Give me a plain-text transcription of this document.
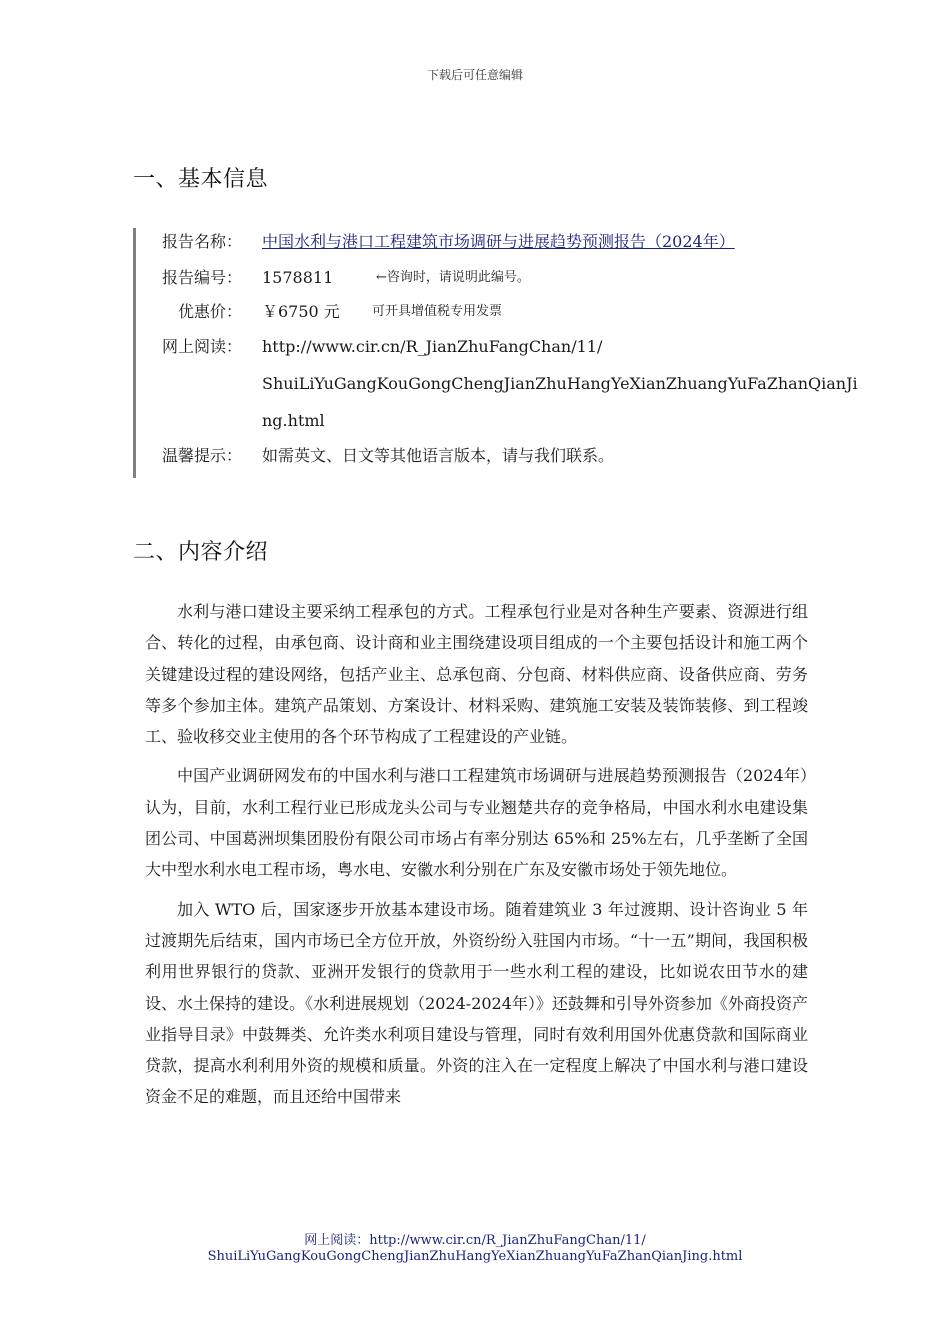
下载后可任意编辑
一、基本信息
报告名称： 中国水利与港口工程建筑市场调研与进展趋势预测报告（2024年）
报告编号： 1578811	←咨询时，请说明此编号。
优惠价： ￥6750 元 可开具增值税专用发票
网上阅读： http://www.cir.cn/R_JianZhuFangChan/11/
ShuiLiYuGangKouGongChengJianZhuHangYeXianZhuangYuFaZhanQianJi
ng.html
温馨提示： 如需英文、日文等其他语言版本，请与我们联系。
二、内容介绍

水利与港口建设主要采纳工程承包的方式。工程承包行业是对各种生产要素、资源进行组合、转化的过程，由承包商、设计商和业主围绕建设项目组成的一个主要包括设计和施工两个关键建设过程的建设网络，包括产业主、总承包商、分包商、材料供应商、设备供应商、劳务等多个参加主体。建筑产品策划、方案设计、材料采购、建筑施工安装及装饰装修、到工程竣工、验收移交业主使用的各个环节构成了工程建设的产业链。

中国产业调研网发布的中国水利与港口工程建筑市场调研与进展趋势预测报告（2024年）认为，目前，水利工程行业已形成龙头公司与专业翘楚共存的竞争格局，中国水利水电建设集团公司、中国葛洲坝集团股份有限公司市场占有率分别达 65%和 25%左右，几乎垄断了全国大中型水利水电工程市场，粤水电、安徽水利分别在广东及安徽市场处于领先地位。

加入 WTO 后，国家逐步开放基本建设市场。随着建筑业 3 年过渡期、设计咨询业 5 年过渡期先后结束，国内市场已全方位开放，外资纷纷入驻国内市场。“十一五”期间，我国积极利用世界银行的贷款、亚洲开发银行的贷款用于一些水利工程的建设，比如说农田节水的建设、水土保持的建设。《水利进展规划（2024-2024年）》还鼓舞和引导外资参加《外商投资产业指导目录》中鼓舞类、允许类水利项目建设与管理，同时有效利用国外优惠贷款和国际商业贷款，提高水利利用外资的规模和质量。外资的注入在一定程度上解决了中国水利与港口建设资金不足的难题，而且还给中国带来

网上阅读：http://www.cir.cn/R_JianZhuFangChan/11/
ShuiLiYuGangKouGongChengJianZhuHangYeXianZhuangYuFaZhanQianJing.html
